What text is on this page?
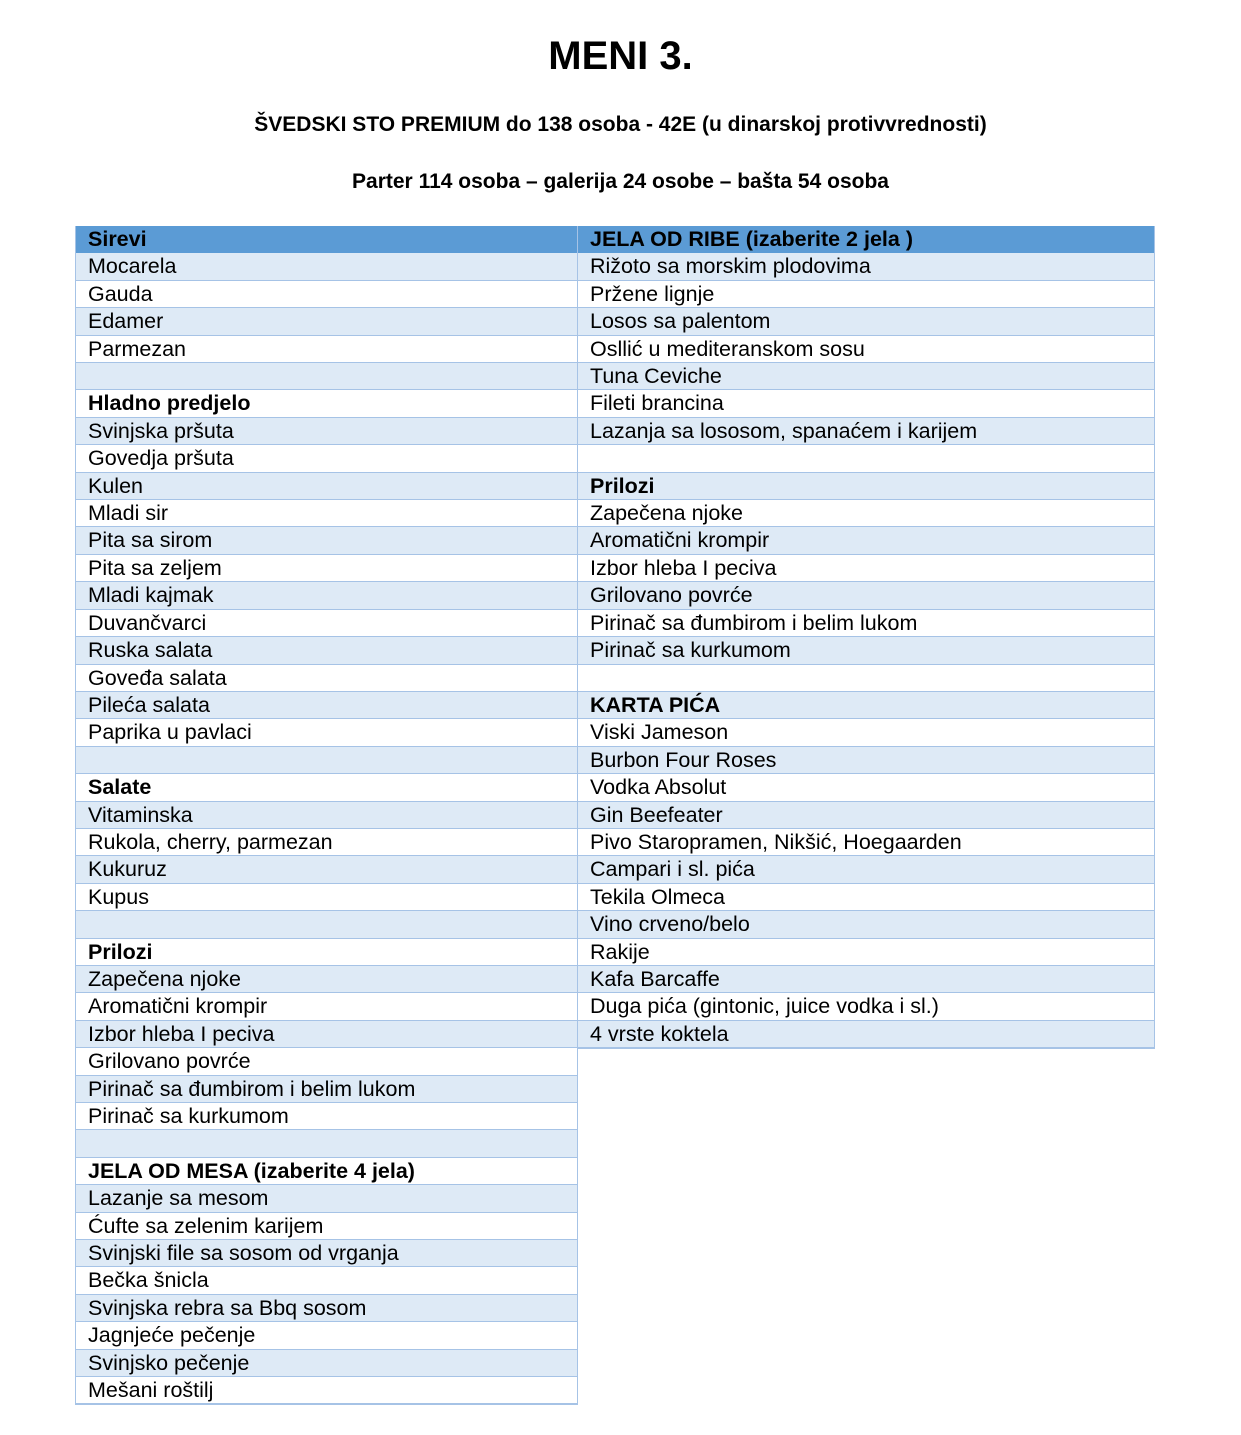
MENI 3.

ŠVEDSKI STO PREMIUM do 138 osoba - 42E (u dinarskoj protivvrednosti)

Parter 114 osoba – galerija 24 osobe – bašta 54 osoba

Sirevi
Mocarela
Gauda
Edamer
Parmezan
Hladno predjelo
Svinjska pršuta
Govedja pršuta
Kulen
Mladi sir
Pita sa sirom
Pita sa zeljem
Mladi kajmak
Duvančvarci
Ruska salata
Goveđa salata
Pileća salata
Paprika u pavlaci
Salate
Vitaminska
Rukola, cherry, parmezan
Kukuruz
Kupus
Prilozi
Zapečena njoke
Aromatični krompir
Izbor hleba I peciva
Grilovano povrće
Pirinač sa đumbirom i belim lukom
Pirinač sa kurkumom
JELA OD MESA (izaberite 4 jela)
Lazanje sa mesom
Ćufte sa zelenim karijem
Svinjski file sa sosom od vrganja
Bečka šnicla
Svinjska rebra sa Bbq sosom
Jagnjeće pečenje
Svinjsko pečenje
Mešani roštilj
JELA OD RIBE (izaberite 2 jela )
Rižoto sa morskim plodovima
Pržene lignje
Losos sa palentom
Osllić u mediteranskom sosu
Tuna Ceviche
Fileti brancina
Lazanja sa lososom, spanaćem i karijem
Prilozi
Zapečena njoke
Aromatični krompir
Izbor hleba I peciva
Grilovano povrće
Pirinač sa đumbirom i belim lukom
Pirinač sa kurkumom
KARTA PIĆA
Viski Jameson
Burbon Four Roses
Vodka Absolut
Gin Beefeater
Pivo Staropramen, Nikšić, Hoegaarden
Campari i sl. pića
Tekila Olmeca
Vino crveno/belo
Rakije
Kafa Barcaffe
Duga pića (gintonic, juice vodka i sl.)
4 vrste koktela
